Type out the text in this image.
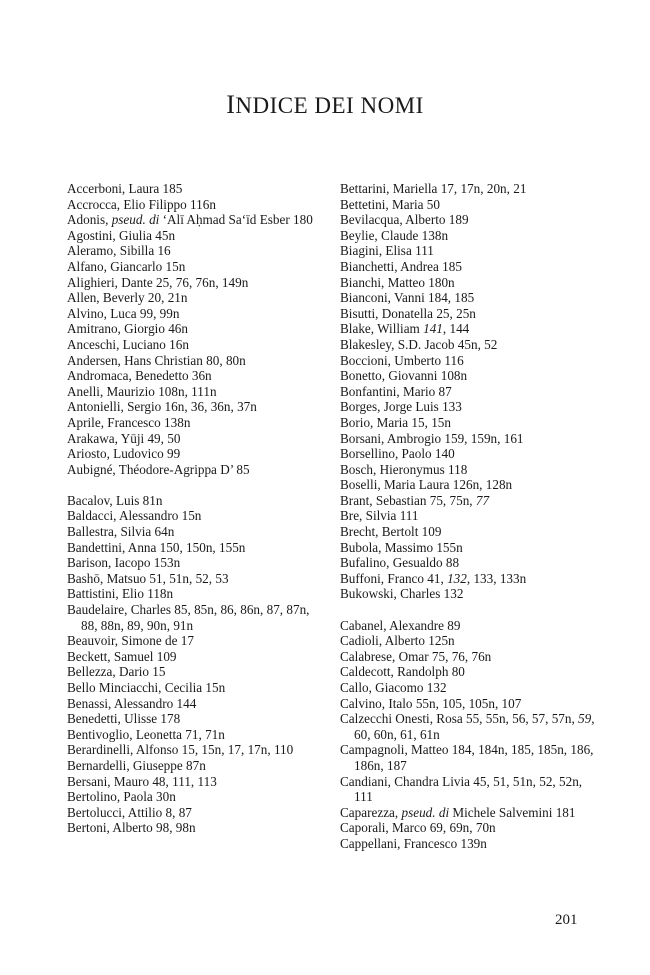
INDICE DEI NOMI
Accerboni, Laura 185
Accrocca, Elio Filippo 116n
Adonis, pseud. di ‘Alī Aḥmad Sa‘īd Esber 180
Agostini, Giulia 45n
Aleramo, Sibilla 16
Alfano, Giancarlo 15n
Alighieri, Dante 25, 76, 76n, 149n
Allen, Beverly 20, 21n
Alvino, Luca 99, 99n
Amitrano, Giorgio 46n
Anceschi, Luciano 16n
Andersen, Hans Christian 80, 80n
Andromaca, Benedetto 36n
Anelli, Maurizio 108n, 111n
Antonielli, Sergio 16n, 36, 36n, 37n
Aprile, Francesco 138n
Arakawa, Yūji 49, 50
Ariosto, Ludovico 99
Aubigné, Théodore-Agrippa D’ 85
Bacalov, Luis 81n
Baldacci, Alessandro 15n
Ballestra, Silvia 64n
Bandettini, Anna 150, 150n, 155n
Barison, Iacopo 153n
Bashō, Matsuo 51, 51n, 52, 53
Battistini, Elio 118n
Baudelaire, Charles 85, 85n, 86, 86n, 87, 87n, 88, 88n, 89, 90n, 91n
Beauvoir, Simone de 17
Beckett, Samuel 109
Bellezza, Dario 15
Bello Minciacchi, Cecilia 15n
Benassi, Alessandro 144
Benedetti, Ulisse 178
Bentivoglio, Leonetta 71, 71n
Berardinelli, Alfonso 15, 15n, 17, 17n, 110
Bernardelli, Giuseppe 87n
Bersani, Mauro 48, 111, 113
Bertolino, Paola 30n
Bertolucci, Attilio 8, 87
Bertoni, Alberto 98, 98n
Bettarini, Mariella 17, 17n, 20n, 21
Bettetini, Maria 50
Bevilacqua, Alberto 189
Beylie, Claude 138n
Biagini, Elisa 111
Bianchetti, Andrea 185
Bianchi, Matteo 180n
Bianconi, Vanni 184, 185
Bisutti, Donatella 25, 25n
Blake, William 141, 144
Blakesley, S.D. Jacob 45n, 52
Boccioni, Umberto 116
Bonetto, Giovanni 108n
Bonfantini, Mario 87
Borges, Jorge Luis 133
Borio, Maria 15, 15n
Borsani, Ambrogio 159, 159n, 161
Borsellino, Paolo 140
Bosch, Hieronymus 118
Boselli, Maria Laura 126n, 128n
Brant, Sebastian 75, 75n, 77
Bre, Silvia 111
Brecht, Bertolt 109
Bubola, Massimo 155n
Bufalino, Gesualdo 88
Buffoni, Franco 41, 132, 133, 133n
Bukowski, Charles 132
Cabanel, Alexandre 89
Cadioli, Alberto 125n
Calabrese, Omar 75, 76, 76n
Caldecott, Randolph 80
Callo, Giacomo 132
Calvino, Italo 55n, 105, 105n, 107
Calzecchi Onesti, Rosa 55, 55n, 56, 57, 57n, 59, 60, 60n, 61, 61n
Campagnoli, Matteo 184, 184n, 185, 185n, 186, 186n, 187
Candiani, Chandra Livia 45, 51, 51n, 52, 52n, 111
Caparezza, pseud. di Michele Salvemini 181
Caporali, Marco 69, 69n, 70n
Cappellani, Francesco 139n
201
